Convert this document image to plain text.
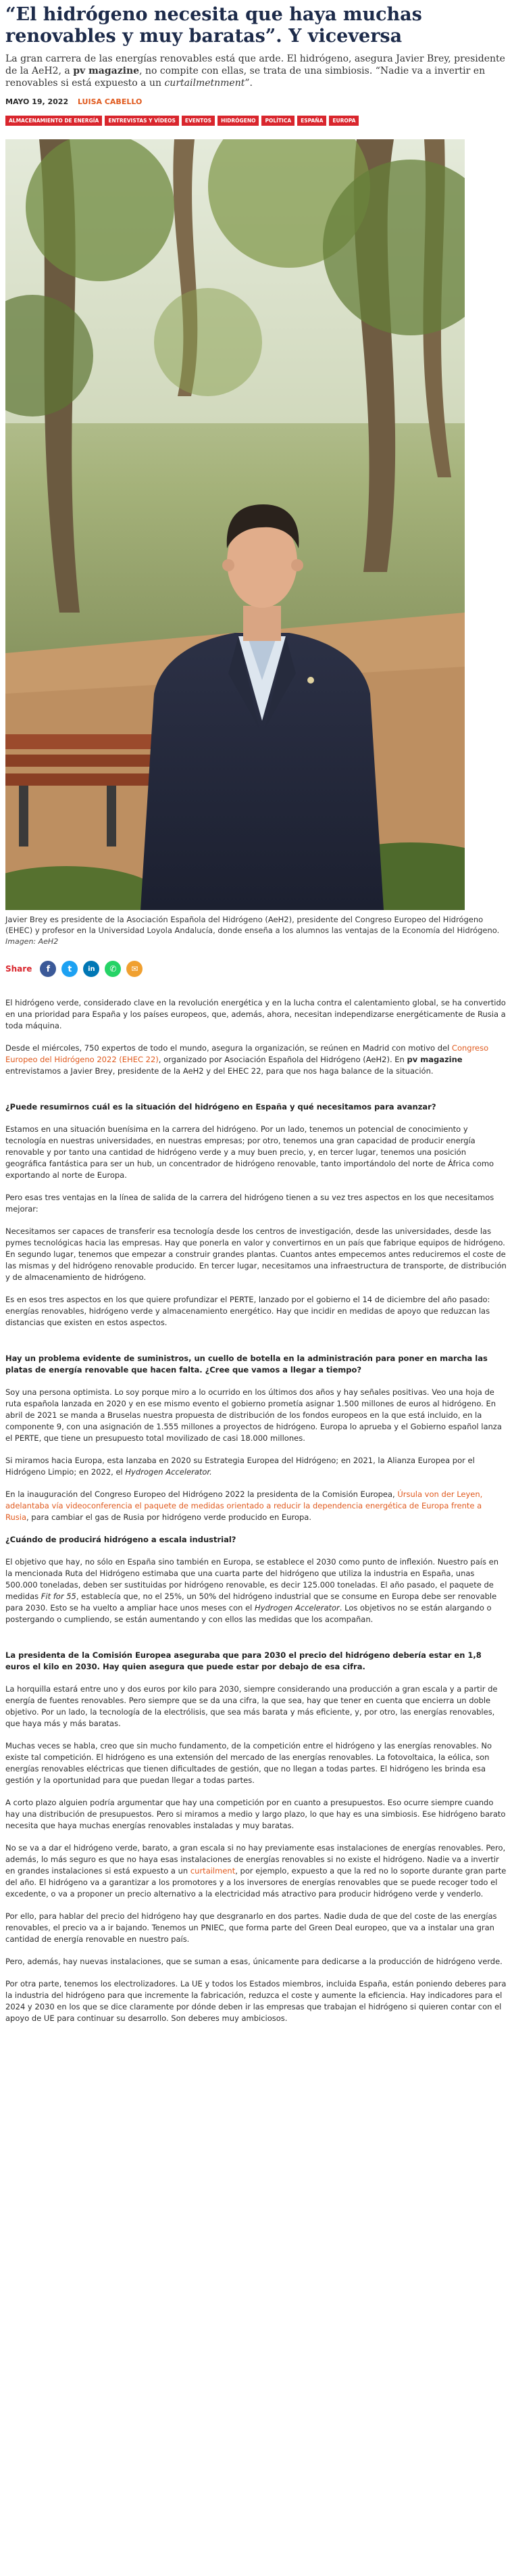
“El hidrógeno necesita que haya muchas renovables y muy baratas”. Y viceversa
La gran carrera de las energías renovables está que arde. El hidrógeno, asegura Javier Brey, presidente de la AeH2, a pv magazine, no compite con ellas, se trata de una simbiosis. “Nadie va a invertir en renovables si está expuesto a un curtailmetnment”.
MAYO 19, 2022 LUISA CABELLO
ALMACENAMIENTO DE ENERGÍA	ENTREVISTAS Y VÍDEOS	EVENTOS	HIDRÓGENO	POLÍTICA	ESPAÑA	EUROPA
Javier Brey es presidente de la Asociación Española del Hidrógeno (AeH2), presidente del Congreso Europeo del Hidrógeno (EHEC) y profesor en la Universidad Loyola Andalucía, donde enseña a los alumnos las ventajas de la Economía del Hidrógeno.
Imagen: AeH2
Share	f	t	in	✆	✉

El hidrógeno verde, considerado clave en la revolución energética y en la lucha contra el calentamiento global, se ha convertido en una prioridad para España y los países europeos, que, además, ahora, necesitan independizarse energéticamente de Rusia a toda máquina.

Desde el miércoles, 750 expertos de todo el mundo, asegura la organización, se reúnen en Madrid con motivo del Congreso Europeo del Hidrógeno 2022 (EHEC 22), organizado por Asociación Española del Hidrógeno (AeH2). En pv magazine entrevistamos a Javier Brey, presidente de la AeH2 y del EHEC 22, para que nos haga balance de la situación.

¿Puede resumirnos cuál es la situación del hidrógeno en España y qué necesitamos para avanzar?

Estamos en una situación buenísima en la carrera del hidrógeno. Por un lado, tenemos un potencial de conocimiento y tecnología en nuestras universidades, en nuestras empresas; por otro, tenemos una gran capacidad de producir energía renovable y por tanto una cantidad de hidrógeno verde y a muy buen precio, y, en tercer lugar, tenemos una posición geográfica fantástica para ser un hub, un concentrador de hidrógeno renovable, tanto importándolo del norte de África como exportando al norte de Europa.

Pero esas tres ventajas en la línea de salida de la carrera del hidrógeno tienen a su vez tres aspectos en los que necesitamos mejorar:

Necesitamos ser capaces de transferir esa tecnología desde los centros de investigación, desde las universidades, desde las pymes tecnológicas hacia las empresas. Hay que ponerla en valor y convertirnos en un país que fabrique equipos de hidrógeno. En segundo lugar, tenemos que empezar a construir grandes plantas. Cuantos antes empecemos antes reduciremos el coste de las mismas y del hidrógeno renovable producido. En tercer lugar, necesitamos una infraestructura de transporte, de distribución y de almacenamiento de hidrógeno.

Es en esos tres aspectos en los que quiere profundizar el PERTE, lanzado por el gobierno el 14 de diciembre del año pasado: energías renovables, hidrógeno verde y almacenamiento energético. Hay que incidir en medidas de apoyo que reduzcan las distancias que existen en estos aspectos.

Hay un problema evidente de suministros, un cuello de botella en la administración para poner en marcha las platas de energía renovable que hacen falta. ¿Cree que vamos a llegar a tiempo?

Soy una persona optimista. Lo soy porque miro a lo ocurrido en los últimos dos años y hay señales positivas. Veo una hoja de ruta española lanzada en 2020 y en ese mismo evento el gobierno prometía asignar 1.500 millones de euros al hidrógeno. En abril de 2021 se manda a Bruselas nuestra propuesta de distribución de los fondos europeos en la que está incluido, en la componente 9, con una asignación de 1.555 millones a proyectos de hidrógeno. Europa lo aprueba y el Gobierno español lanza el PERTE, que tiene un presupuesto total movilizado de casi 18.000 millones.

Si miramos hacia Europa, esta lanzaba en 2020 su Estrategia Europea del Hidrógeno; en 2021, la Alianza Europea por el Hidrógeno Limpio; en 2022, el Hydrogen Accelerator.

En la inauguración del Congreso Europeo del Hidrógeno 2022 la presidenta de la Comisión Europea, Úrsula von der Leyen, adelantaba vía videoconferencia el paquete de medidas orientado a reducir la dependencia energética de Europa frente a Rusia, para cambiar el gas de Rusia por hidrógeno verde producido en Europa.

¿Cuándo de producirá hidrógeno a escala industrial?

El objetivo que hay, no sólo en España sino también en Europa, se establece el 2030 como punto de inflexión. Nuestro país en la mencionada Ruta del Hidrógeno estimaba que una cuarta parte del hidrógeno que utiliza la industria en España, unas 500.000 toneladas, deben ser sustituidas por hidrógeno renovable, es decir 125.000 toneladas. El año pasado, el paquete de medidas Fit for 55, establecía que, no el 25%, un 50% del hidrógeno industrial que se consume en Europa debe ser renovable para 2030. Esto se ha vuelto a ampliar hace unos meses con el Hydrogen Accelerator. Los objetivos no se están alargando o postergando o cumpliendo, se están aumentando y con ellos las medidas que los acompañan.

La presidenta de la Comisión Europea aseguraba que para 2030 el precio del hidrógeno debería estar en 1,8 euros el kilo en 2030. Hay quien asegura que puede estar por debajo de esa cifra.

La horquilla estará entre uno y dos euros por kilo para 2030, siempre considerando una producción a gran escala y a partir de energía de fuentes renovables. Pero siempre que se da una cifra, la que sea, hay que tener en cuenta que encierra un doble objetivo. Por un lado, la tecnología de la electrólisis, que sea más barata y más eficiente, y, por otro, las energías renovables, que haya más y más baratas.

Muchas veces se habla, creo que sin mucho fundamento, de la competición entre el hidrógeno y las energías renovables. No existe tal competición. El hidrógeno es una extensión del mercado de las energías renovables. La fotovoltaica, la eólica, son energías renovables eléctricas que tienen dificultades de gestión, que no llegan a todas partes. El hidrógeno les brinda esa gestión y la oportunidad para que puedan llegar a todas partes.

A corto plazo alguien podría argumentar que hay una competición por en cuanto a presupuestos. Eso ocurre siempre cuando hay una distribución de presupuestos. Pero si miramos a medio y largo plazo, lo que hay es una simbiosis. Ese hidrógeno barato necesita que haya muchas energías renovables instaladas y muy baratas.

No se va a dar el hidrógeno verde, barato, a gran escala si no hay previamente esas instalaciones de energías renovables. Pero, además, lo más seguro es que no haya esas instalaciones de energías renovables si no existe el hidrógeno. Nadie va a invertir en grandes instalaciones si está expuesto a un curtailment, por ejemplo, expuesto a que la red no lo soporte durante gran parte del año. El hidrógeno va a garantizar a los promotores y a los inversores de energías renovables que se puede recoger todo el excedente, o va a proponer un precio alternativo a la electricidad más atractivo para producir hidrógeno verde y venderlo.

Por ello, para hablar del precio del hidrógeno hay que desgranarlo en dos partes. Nadie duda de que del coste de las energías renovables, el precio va a ir bajando. Tenemos un PNIEC, que forma parte del Green Deal europeo, que va a instalar una gran cantidad de energía renovable en nuestro país.

Pero, además, hay nuevas instalaciones, que se suman a esas, únicamente para dedicarse a la producción de hidrógeno verde.

Por otra parte, tenemos los electrolizadores. La UE y todos los Estados miembros, incluida España, están poniendo deberes para la industria del hidrógeno para que incremente la fabricación, reduzca el coste y aumente la eficiencia. Hay indicadores para el 2024 y 2030 en los que se dice claramente por dónde deben ir las empresas que trabajan el hidrógeno si quieren contar con el apoyo de UE para continuar su desarrollo. Son deberes muy ambiciosos.
